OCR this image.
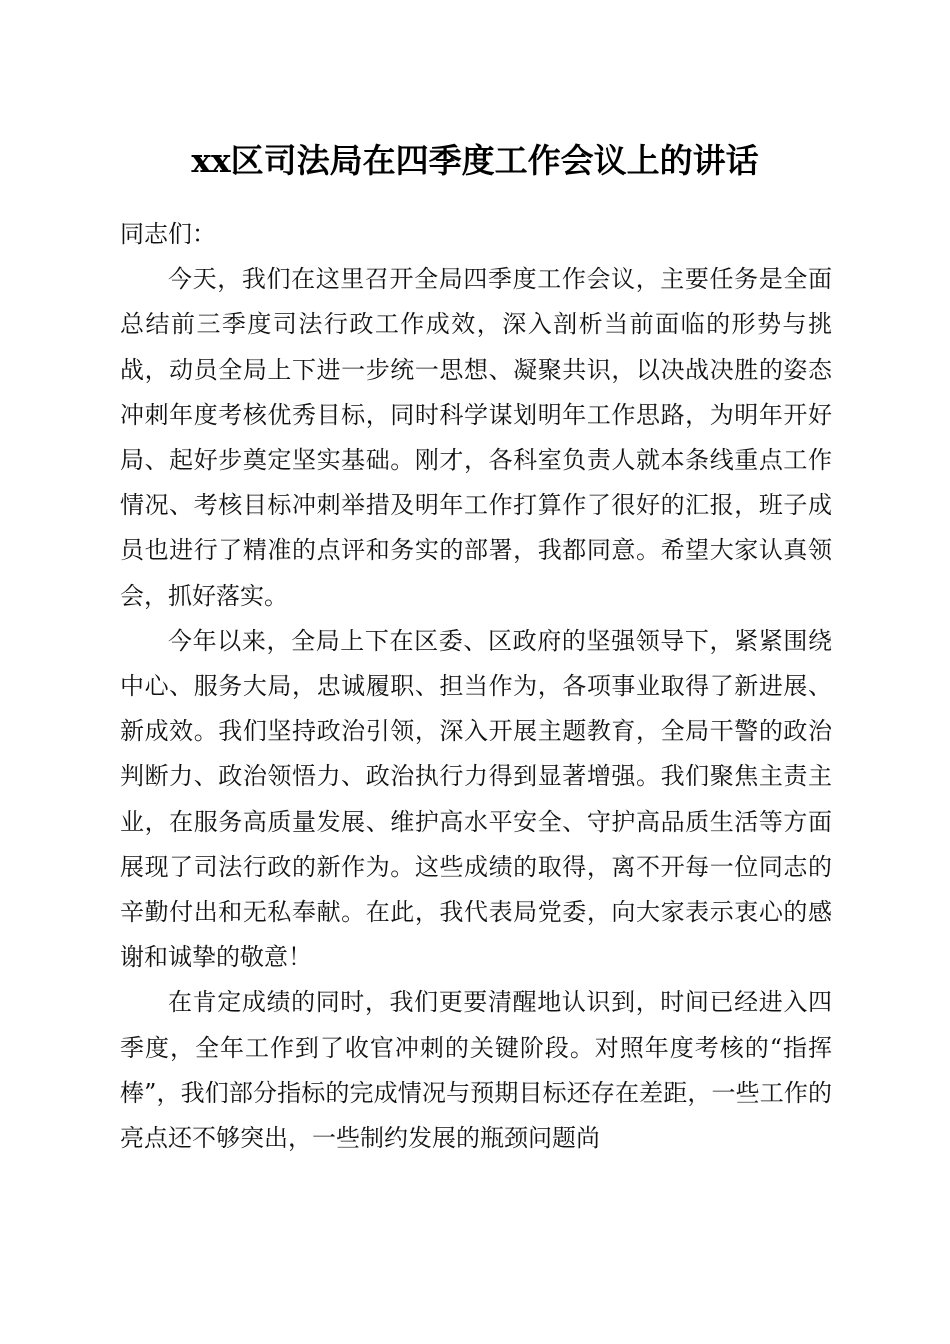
xx区司法局在四季度工作会议上的讲话

同志们：

今天，我们在这里召开全局四季度工作会议，主要任务是全面总结前三季度司法行政工作成效，深入剖析当前面临的形势与挑战，动员全局上下进一步统一思想、凝聚共识，以决战决胜的姿态冲刺年度考核优秀目标，同时科学谋划明年工作思路，为明年开好局、起好步奠定坚实基础。刚才，各科室负责人就本条线重点工作情况、考核目标冲刺举措及明年工作打算作了很好的汇报，班子成员也进行了精准的点评和务实的部署，我都同意。希望大家认真领会，抓好落实。

今年以来，全局上下在区委、区政府的坚强领导下，紧紧围绕中心、服务大局，忠诚履职、担当作为，各项事业取得了新进展、新成效。我们坚持政治引领，深入开展主题教育，全局干警的政治判断力、政治领悟力、政治执行力得到显著增强。我们聚焦主责主业，在服务高质量发展、维护高水平安全、守护高品质生活等方面展现了司法行政的新作为。这些成绩的取得，离不开每一位同志的辛勤付出和无私奉献。在此，我代表局党委，向大家表示衷心的感谢和诚挚的敬意！

在肯定成绩的同时，我们更要清醒地认识到，时间已经进入四季度，全年工作到了收官冲刺的关键阶段。对照年度考核的“指挥棒”，我们部分指标的完成情况与预期目标还存在差距，一些工作的亮点还不够突出，一些制约发展的瓶颈问题尚
